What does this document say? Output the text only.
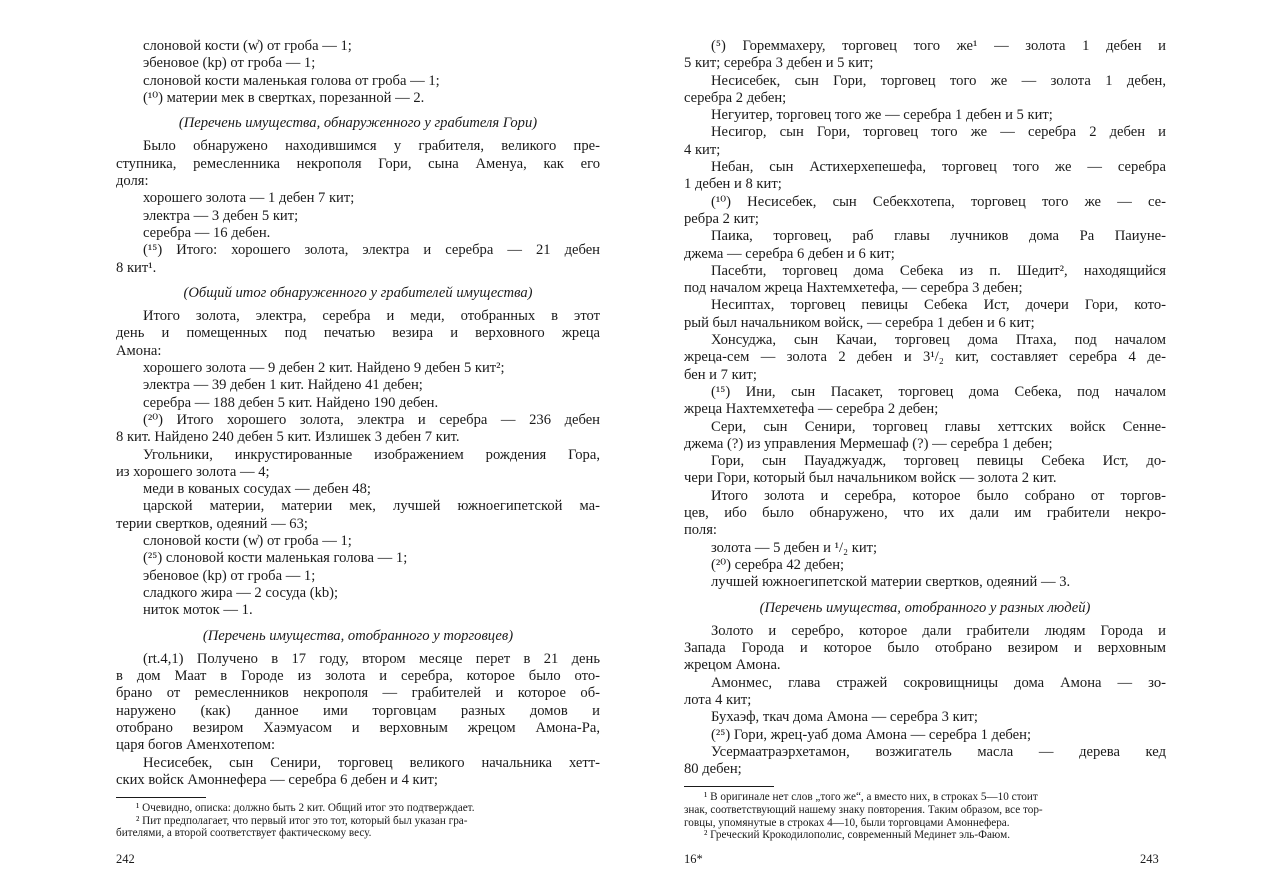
слоновой кости (w͗) от гроба — 1;

эбеновое (kp) от гроба — 1;

слоновой кости маленькая голова от гроба — 1;

(¹⁰) материи мек в свертках, порезанной — 2.

(Перечень имущества, обнаруженного у грабителя Гори)

Было обнаружено находившимся у грабителя, великого пре-

ступника, ремесленника некрополя Гори, сына Аменуа, как его

доля:

хорошего золота — 1 дебен 7 кит;

электра — 3 дебен 5 кит;

серебра — 16 дебен.

(¹⁵) Итого: хорошего золота, электра и серебра — 21 дебен

8 кит¹.

(Общий итог обнаруженного у грабителей имущества)

Итого золота, электра, серебра и меди, отобранных в этот

день и помещенных под печатью везира и верховного жреца

Амона:

хорошего золота — 9 дебен 2 кит. Найдено 9 дебен 5 кит²;

электра — 39 дебен 1 кит. Найдено 41 дебен;

серебра — 188 дебен 5 кит. Найдено 190 дебен.

(²⁰) Итого хорошего золота, электра и серебра — 236 дебен

8 кит. Найдено 240 дебен 5 кит. Излишек 3 дебен 7 кит.

Угольники, инкрустированные изображением рождения Гора,

из хорошего золота — 4;

меди в кованых сосудах — дебен 48;

царской материи, материи мек, лучшей южноегипетской ма-

терии свертков, одеяний — 63;

слоновой кости (w͗) от гроба — 1;

(²⁵) слоновой кости маленькая голова — 1;

эбеновое (kp) от гроба — 1;

сладкого жира — 2 сосуда (kb);

ниток моток — 1.

(Перечень имущества, отобранного у торговцев)

(rt.4,1) Получено в 17 году, втором месяце перет в 21 день

в дом Маат в Городе из золота и серебра, которое было ото-

брано от ремесленников некрополя — грабителей и которое об-

наружено (как) данное ими торговцам разных домов и

отобрано везиром Хаэмуасом и верховным жрецом Амона-Ра,

царя богов Аменхотепом:

Несисебек, сын Сенири, торговец великого начальника хетт-

ских войск Амоннефера — серебра 6 дебен и 4 кит;

¹ Очевидно, описка: должно быть 2 кит. Общий итог это подтверждает.

² Пит предполагает, что первый итог это тот, который был указан гра-

бителями, а второй соответствует фактическому весу.

242

(⁵) Гореммахеру, торговец того же¹ — золота 1 дебен и

5 кит; серебра 3 дебен и 5 кит;

Несисебек, сын Гори, торговец того же — золота 1 дебен,

серебра 2 дебен;

Негуитер, торговец того же — серебра 1 дебен и 5 кит;

Несигор, сын Гори, торговец того же — серебра 2 дебен и

4 кит;

Небан, сын Астихерхепешефа, торговец того же — серебра

1 дебен и 8 кит;

(¹⁰) Несисебек, сын Себекхотепа, торговец того же — се-

ребра 2 кит;

Паика, торговец, раб главы лучников дома Ра Паиуне-

джема — серебра 6 дебен и 6 кит;

Пасебти, торговец дома Себека из п. Шедит², находящийся

под началом жреца Нахтемхетефа, — серебра 3 дебен;

Несиптах, торговец певицы Себека Ист, дочери Гори, кото-

рый был начальником войск, — серебра 1 дебен и 6 кит;

Хонсуджа, сын Качаи, торговец дома Птаха, под началом

жреца-сем — золота 2 дебен и 3¹/₂ кит, составляет серебра 4 де-

бен и 7 кит;

(¹⁵) Ини, сын Пасакет, торговец дома Себека, под началом

жреца Нахтемхетефа — серебра 2 дебен;

Сери, сын Сенири, торговец главы хеттских войск Сенне-

джема (?) из управления Мермешаф (?) — серебра 1 дебен;

Гори, сын Пауаджуадж, торговец певицы Себека Ист, до-

чери Гори, который был начальником войск — золота 2 кит.

Итого золота и серебра, которое было собрано от торгов-

цев, ибо было обнаружено, что их дали им грабители некро-

поля:

золота — 5 дебен и ¹/₂ кит;

(²⁰) серебра 42 дебен;

лучшей южноегипетской материи свертков, одеяний — 3.

(Перечень имущества, отобранного у разных людей)

Золото и серебро, которое дали грабители людям Города и

Запада Города и которое было отобрано везиром и верховным

жрецом Амона.

Амонмес, глава стражей сокровищницы дома Амона — зо-

лота 4 кит;

Бухаэф, ткач дома Амона — серебра 3 кит;

(²⁵) Гори, жрец-уаб дома Амона — серебра 1 дебен;

Усермаатраэрхетамон, возжигатель масла — дерева кед

80 дебен;

¹ В оригинале нет слов „того же“, а вместо них, в строках 5—10 стоит

знак, соответствующий нашему знаку повторения. Таким образом, все тор-

говцы, упомянутые в строках 4—10, были торговцами Амоннефера.

² Греческий Крокодилополис, современный Мединет эль-Фаюм.

16*	243
